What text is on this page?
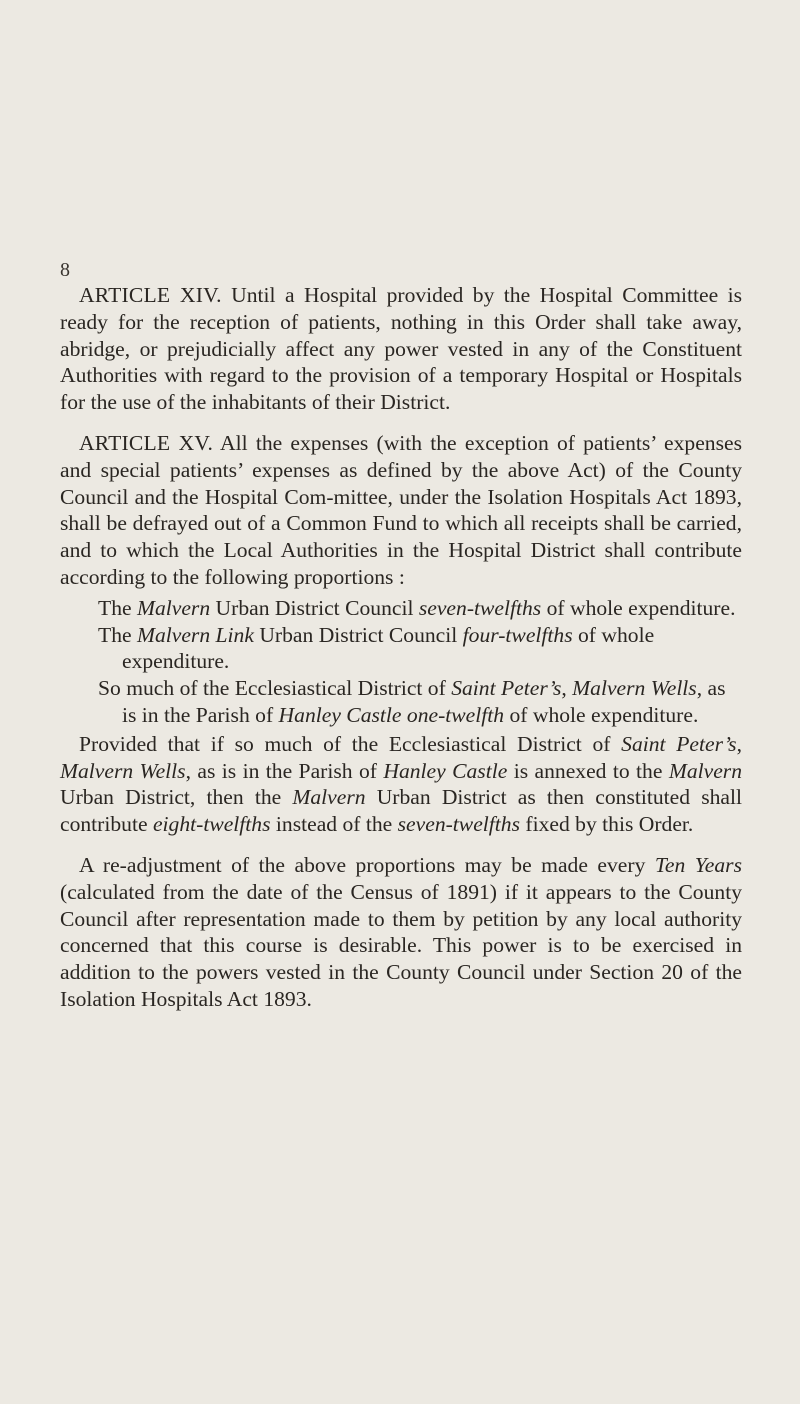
8

ARTICLE XIV. Until a Hospital provided by the Hospital Committee is ready for the reception of patients, nothing in this Order shall take away, abridge, or prejudicially affect any power vested in any of the Constituent Authorities with regard to the provision of a temporary Hospital or Hospitals for the use of the inhabitants of their District.

ARTICLE XV. All the expenses (with the exception of patients’ expenses and special patients’ expenses as defined by the above Act) of the County Council and the Hospital Com-mittee, under the Isolation Hospitals Act 1893, shall be defrayed out of a Common Fund to which all receipts shall be carried, and to which the Local Authorities in the Hospital District shall contribute according to the following proportions :

The Malvern Urban District Council seven-twelfths of whole expenditure.

The Malvern Link Urban District Council four-twelfths of whole expenditure.

So much of the Ecclesiastical District of Saint Peter’s, Malvern Wells, as is in the Parish of Hanley Castle one-twelfth of whole expenditure.

Provided that if so much of the Ecclesiastical District of Saint Peter’s, Malvern Wells, as is in the Parish of Hanley Castle is annexed to the Malvern Urban District, then the Malvern Urban District as then constituted shall contribute eight-twelfths instead of the seven-twelfths fixed by this Order.

A re-adjustment of the above proportions may be made every Ten Years (calculated from the date of the Census of 1891) if it appears to the County Council after representation made to them by petition by any local authority concerned that this course is desirable. This power is to be exercised in addition to the powers vested in the County Council under Section 20 of the Isolation Hospitals Act 1893.
